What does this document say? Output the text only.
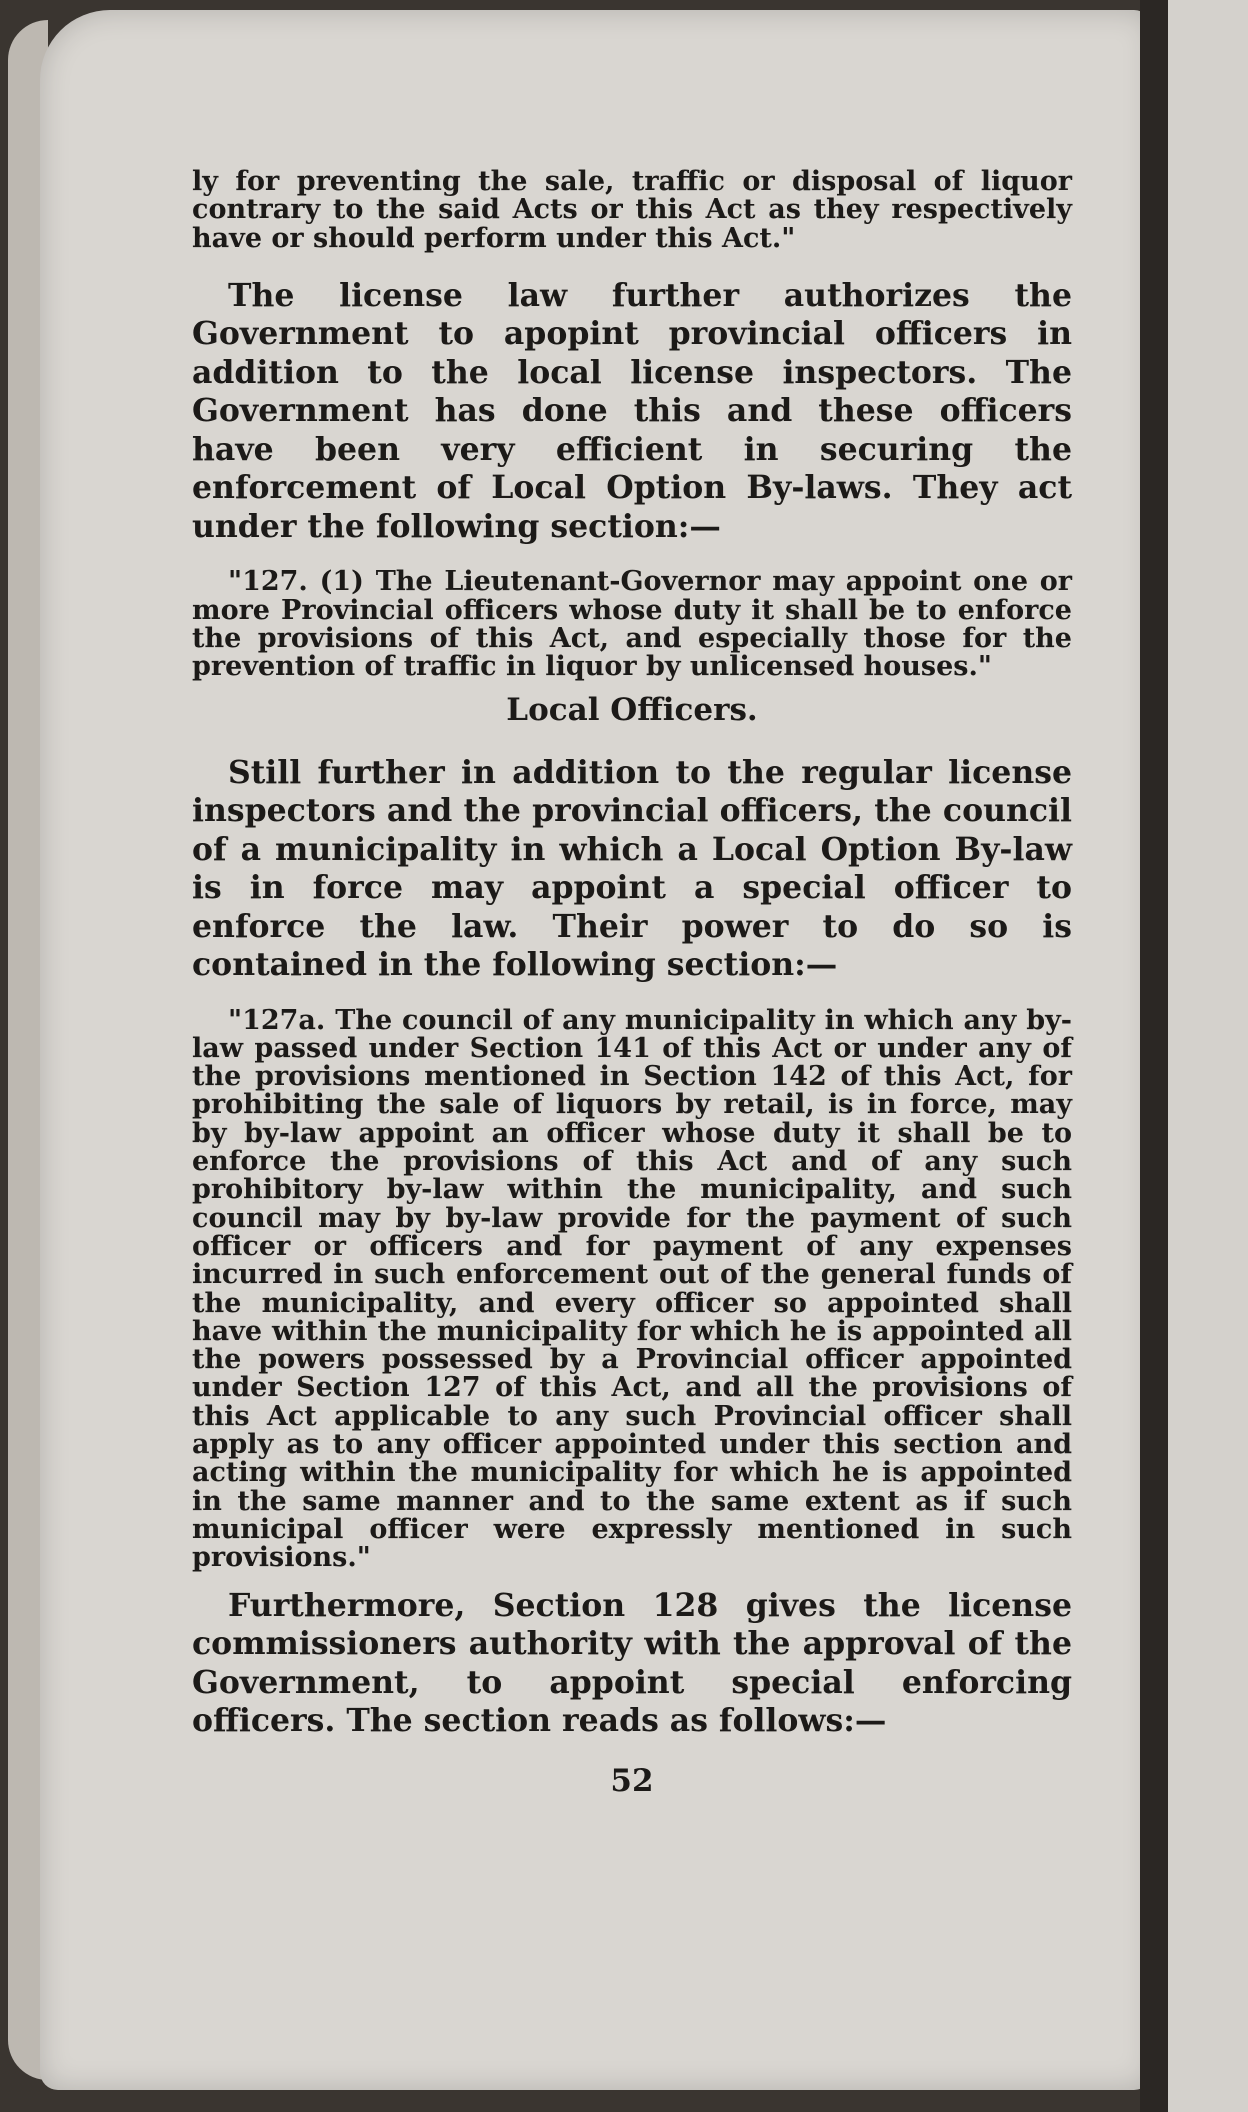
ly for preventing the sale, traffic or disposal of liquor contrary to the said Acts or this Act as they respectively have or should perform under this Act."

The license law further authorizes the Government to apopint provincial officers in addition to the local license inspectors. The Government has done this and these officers have been very efficient in securing the enforcement of Local Option By-laws. They act under the following section:—

"127. (1) The Lieutenant-Governor may appoint one or more Provincial officers whose duty it shall be to enforce the provisions of this Act, and especially those for the prevention of traffic in liquor by unlicensed houses."

Local Officers.

Still further in addition to the regular license inspectors and the provincial officers, the council of a municipality in which a Local Option By-law is in force may appoint a special officer to enforce the law. Their power to do so is contained in the following section:—

"127a. The council of any municipality in which any by-law passed under Section 141 of this Act or under any of the provisions mentioned in Section 142 of this Act, for prohibiting the sale of liquors by retail, is in force, may by by-law appoint an officer whose duty it shall be to enforce the provisions of this Act and of any such prohibitory by-law within the municipality, and such council may by by-law provide for the payment of such officer or officers and for payment of any expenses incurred in such enforcement out of the general funds of the municipality, and every officer so appointed shall have within the municipality for which he is appointed all the powers possessed by a Provincial officer appointed under Section 127 of this Act, and all the provisions of this Act applicable to any such Provincial officer shall apply as to any officer appointed under this section and acting within the municipality for which he is appointed in the same manner and to the same extent as if such municipal officer were expressly mentioned in such provisions."

Furthermore, Section 128 gives the license commissioners authority with the approval of the Government, to appoint special enforcing officers. The section reads as follows:—

52
